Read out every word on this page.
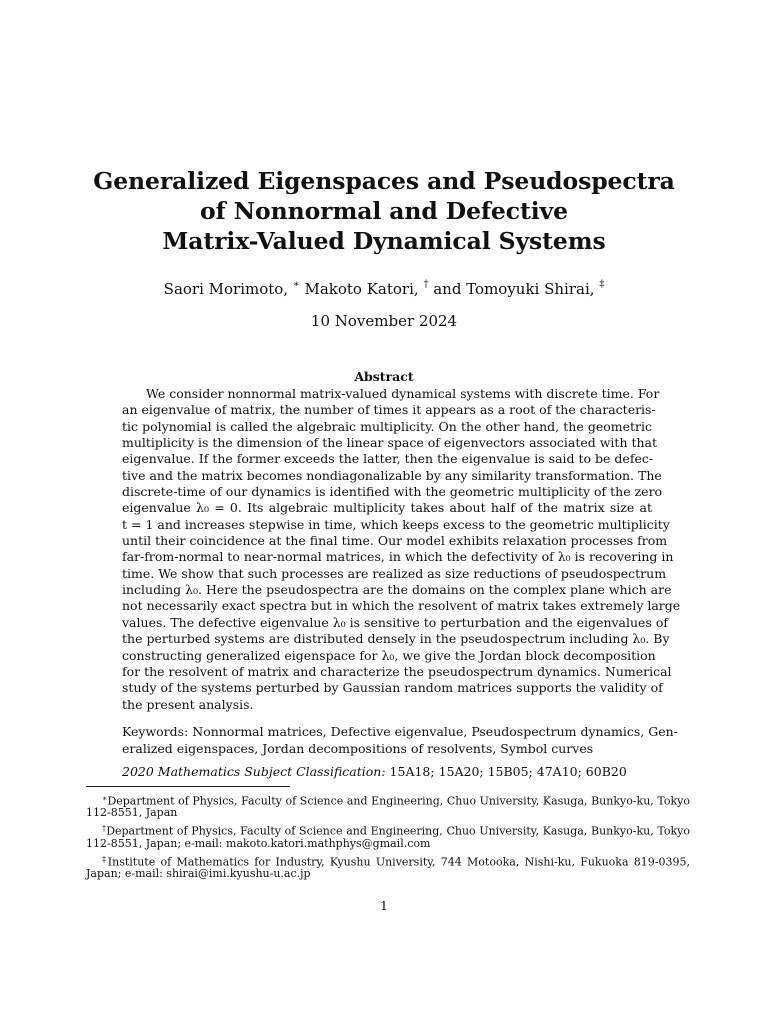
Generalized Eigenspaces and Pseudospectra
of Nonnormal and Defective
Matrix-Valued Dynamical Systems
Saori Morimoto, ∗ Makoto Katori, † and Tomoyuki Shirai, ‡
10 November 2024
Abstract
We consider nonnormal matrix-valued dynamical systems with discrete time. For
an eigenvalue of matrix, the number of times it appears as a root of the characteris-
tic polynomial is called the algebraic multiplicity. On the other hand, the geometric
multiplicity is the dimension of the linear space of eigenvectors associated with that
eigenvalue. If the former exceeds the latter, then the eigenvalue is said to be defec-
tive and the matrix becomes nondiagonalizable by any similarity transformation. The
discrete-time of our dynamics is identified with the geometric multiplicity of the zero
eigenvalue λ₀ = 0. Its algebraic multiplicity takes about half of the matrix size at
t = 1 and increases stepwise in time, which keeps excess to the geometric multiplicity
until their coincidence at the final time. Our model exhibits relaxation processes from
far-from-normal to near-normal matrices, in which the defectivity of λ₀ is recovering in
time. We show that such processes are realized as size reductions of pseudospectrum
including λ₀. Here the pseudospectra are the domains on the complex plane which are
not necessarily exact spectra but in which the resolvent of matrix takes extremely large
values. The defective eigenvalue λ₀ is sensitive to perturbation and the eigenvalues of
the perturbed systems are distributed densely in the pseudospectrum including λ₀. By
constructing generalized eigenspace for λ₀, we give the Jordan block decomposition
for the resolvent of matrix and characterize the pseudospectrum dynamics. Numerical
study of the systems perturbed by Gaussian random matrices supports the validity of
the present analysis.
Keywords: Nonnormal matrices, Defective eigenvalue, Pseudospectrum dynamics, Gen-
eralized eigenspaces, Jordan decompositions of resolvents, Symbol curves
2020 Mathematics Subject Classification: 15A18; 15A20; 15B05; 47A10; 60B20
∗Department of Physics, Faculty of Science and Engineering, Chuo University, Kasuga, Bunkyo-ku, Tokyo
112-8551, Japan
†Department of Physics, Faculty of Science and Engineering, Chuo University, Kasuga, Bunkyo-ku, Tokyo
112-8551, Japan; e-mail: makoto.katori.mathphys@gmail.com
‡Institute of Mathematics for Industry, Kyushu University, 744 Motooka, Nishi-ku, Fukuoka 819-0395,
Japan; e-mail: shirai@imi.kyushu-u.ac.jp
1
